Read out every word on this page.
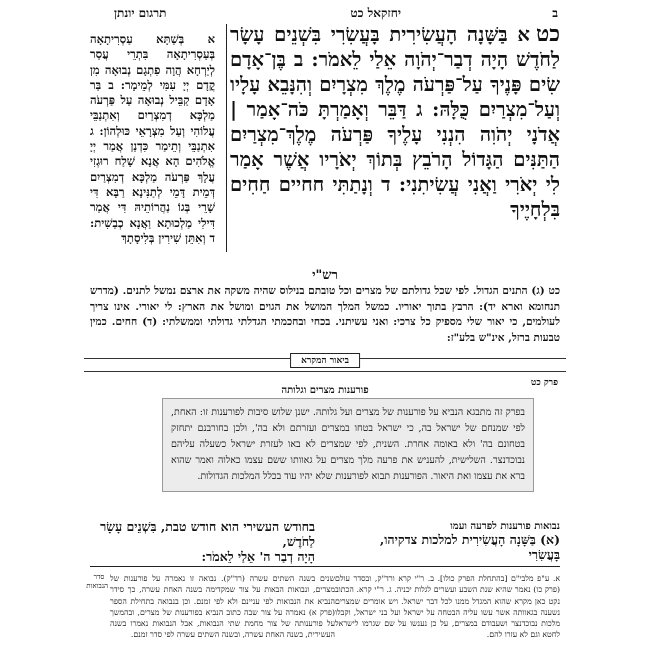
ב
יחזקאל כט
תרגום יונתן
כטא בַּשָּׁנָה הָעֲשִׂירִית בָּעֲשִׂרִי בִּשְׁנֵים עָשָׂר לַחֹדֶשׁ הָיָה דְבַר־יְהֹוָה אֵלַי לֵאמֹר: ב בֶּן־אָדָם שִׂים פָּנֶיךָ עַל־פַּרְעֹה מֶלֶךְ מִצְרָיִם וְהִנָּבֵא עָלָיו וְעַל־מִצְרַיִם כֻּלָּהּ: ג דַּבֵּר וְאָמַרְתָּ כֹּה־אָמַר | אֲדֹנָי יְהֹוִה הִנְנִי עָלֶיךָ פַּרְעֹה מֶלֶךְ־מִצְרַיִם הַתַּנִּים הַגָּדוֹל הָרֹבֵץ בְּתוֹךְ יְאֹרָיו אֲשֶׁר אָמַר לִי יְאֹרִי וַאֲנִי עֲשִׂיתִנִי: ד וְנָתַתִּי חחיים חַחִים בִּלְחָיֶיךָ
א בְּשַׁתָּא עַסְרִיתָאָה בְּעַסְרִיתָאָה בִּתְרֵי עֲסַר לְיַרְחָא הֲוָה פִתְגָם נְבוּאָה מִן קֳדָם יְיָ עִמִּי לְמֵימָר: ב בַּר אָדָם קַבֵּיל נְבוּאָה עַל פַּרְעֹה מַלְכָּא דְמִצְרַיִם וְאִתְנַבֵּי עֲלוֹהִי וְעַל מִצְרָאֵי כּוּלְהוֹן: ג אִתְנַבֵּי וְתֵימַר כִּדְנַן אֲמַר יְיָ אֱלֹהִים הָא אֲנָא שָׁלַח רוּגְזִי עֲלָךְ פַּרְעֹה מַלְכָּא דְמִצְרַיִם דְּמֵית דָּמֵי לְתַנִּינָא רַבָּא דִּי שָׁרֵי בְּגוֹ נַהֲרוֹתֵיהּ דִּי אֲמַר דִּילִי מַלְכוּתָא וַאֲנָא כְבַשִׁית: ד וְאִתֵּן שִׁירִין בְּלִיסָתָךְ
רש"י
כט (ג) התנים הגדול. לפי שכל גדולתם של מצרים וכל טובתם בנילוס שהיה משקה את ארצם נמשל לתנים. (מדרש תנחומא וארא יד): הרבץ בתוך יאוריו. כמשל המלך המושל את הגוים ומושל את הארץ: לי יאורי. אינו צריך לעולמים, כי יאור שלי מספיק כל צרכי: ואני עשיתני. בכחי ובחכמתי הגדלתי גדולתי וממשלתי: (ד) חחים. כמין טבעות ברזל, אינ"ש בלע"ז:
ביאור המקרא
פרק כט
פורענות מצרים וגלותה
בפרק זה מתבגא הנביא על פורענות של מצרים ועל גלותה. ישנן שלוש סיבות לפורענות זו: האחת, לפי שמנחם של ישראל בה, כי ישראל בטחו במצרים ועזרתם ולא בה', ולכן בחורבנם יתחזק בטחונם בה' ולא באומה אחרת. השנית, לפי שמצרים לא באו לעזרת ישראל כשעלה עליהם נבוכדנצר. השלישית, להעניש את פרעה מלך מצרים על גאוותו ששם עצמו כאלוה ואמר שהוא ברא את עצמו ואת היאור. הפורענות תבוא לפורענות שלא יהיו עוד בכלל המלכות הגדולות.
נבואות פורענות לפרעה ועמו
(א) בַּשָּׁנָה הָעֲשִׂירִית למלכות צדקיהו, בָּעֲשִׂרִי
בחודש העשירי הוא חודש טבת, בִּשְׁנֵים עָשָׂר לַחֹדֶשׁ,
הָיָה דְבַר ה' אֵלַי לֵאמֹר:
א. ע"פ מלבי"ם [בהתחלת הפרק כולו]. ב. ר"י קרא ורד"ק, ובסדר עולם (פרק כו) נאמר שהיא שנת השבע ועשרים לגלות יכניה. ג. ר"י קרא. הכתוב נקט כאן מקרא שהוא המגדל ממנו לכל דבר ישראל. ויש אומרים שמצרים נשענה בגאוותה אשר עשו עליה הבטחה על ישראל ועל בני ישראל, וקבלו מלכות נבוכדנצר ושעבודם במצרים, על כן נענשו על שם שגרמו לישראל לחטא וגם לא עזרו להם.
שנים בשנה השתים עשרה (רד"ק). נבואה זו נאמרה על פורענות של מצרים, ונבואות הבאות על צור שמקדימה בשנה האחת עשרה, כך סידר הנביא את הנבואות לפי עניינם ולא לפי זמנם. וכן בנבואה בתחילת הספר (פרק א) נאמרה על צור שבה כתוב הנביא בפורענות של מצרים, ובהמשך על פורענותה של צור מחמת שתי הנבואות, אבל הנבואות נאמרו בשנה העשירית, בשנה האחת עשרה, ובשנה השתים עשרה לפי סדר זמנם.
סדר הנבואות
